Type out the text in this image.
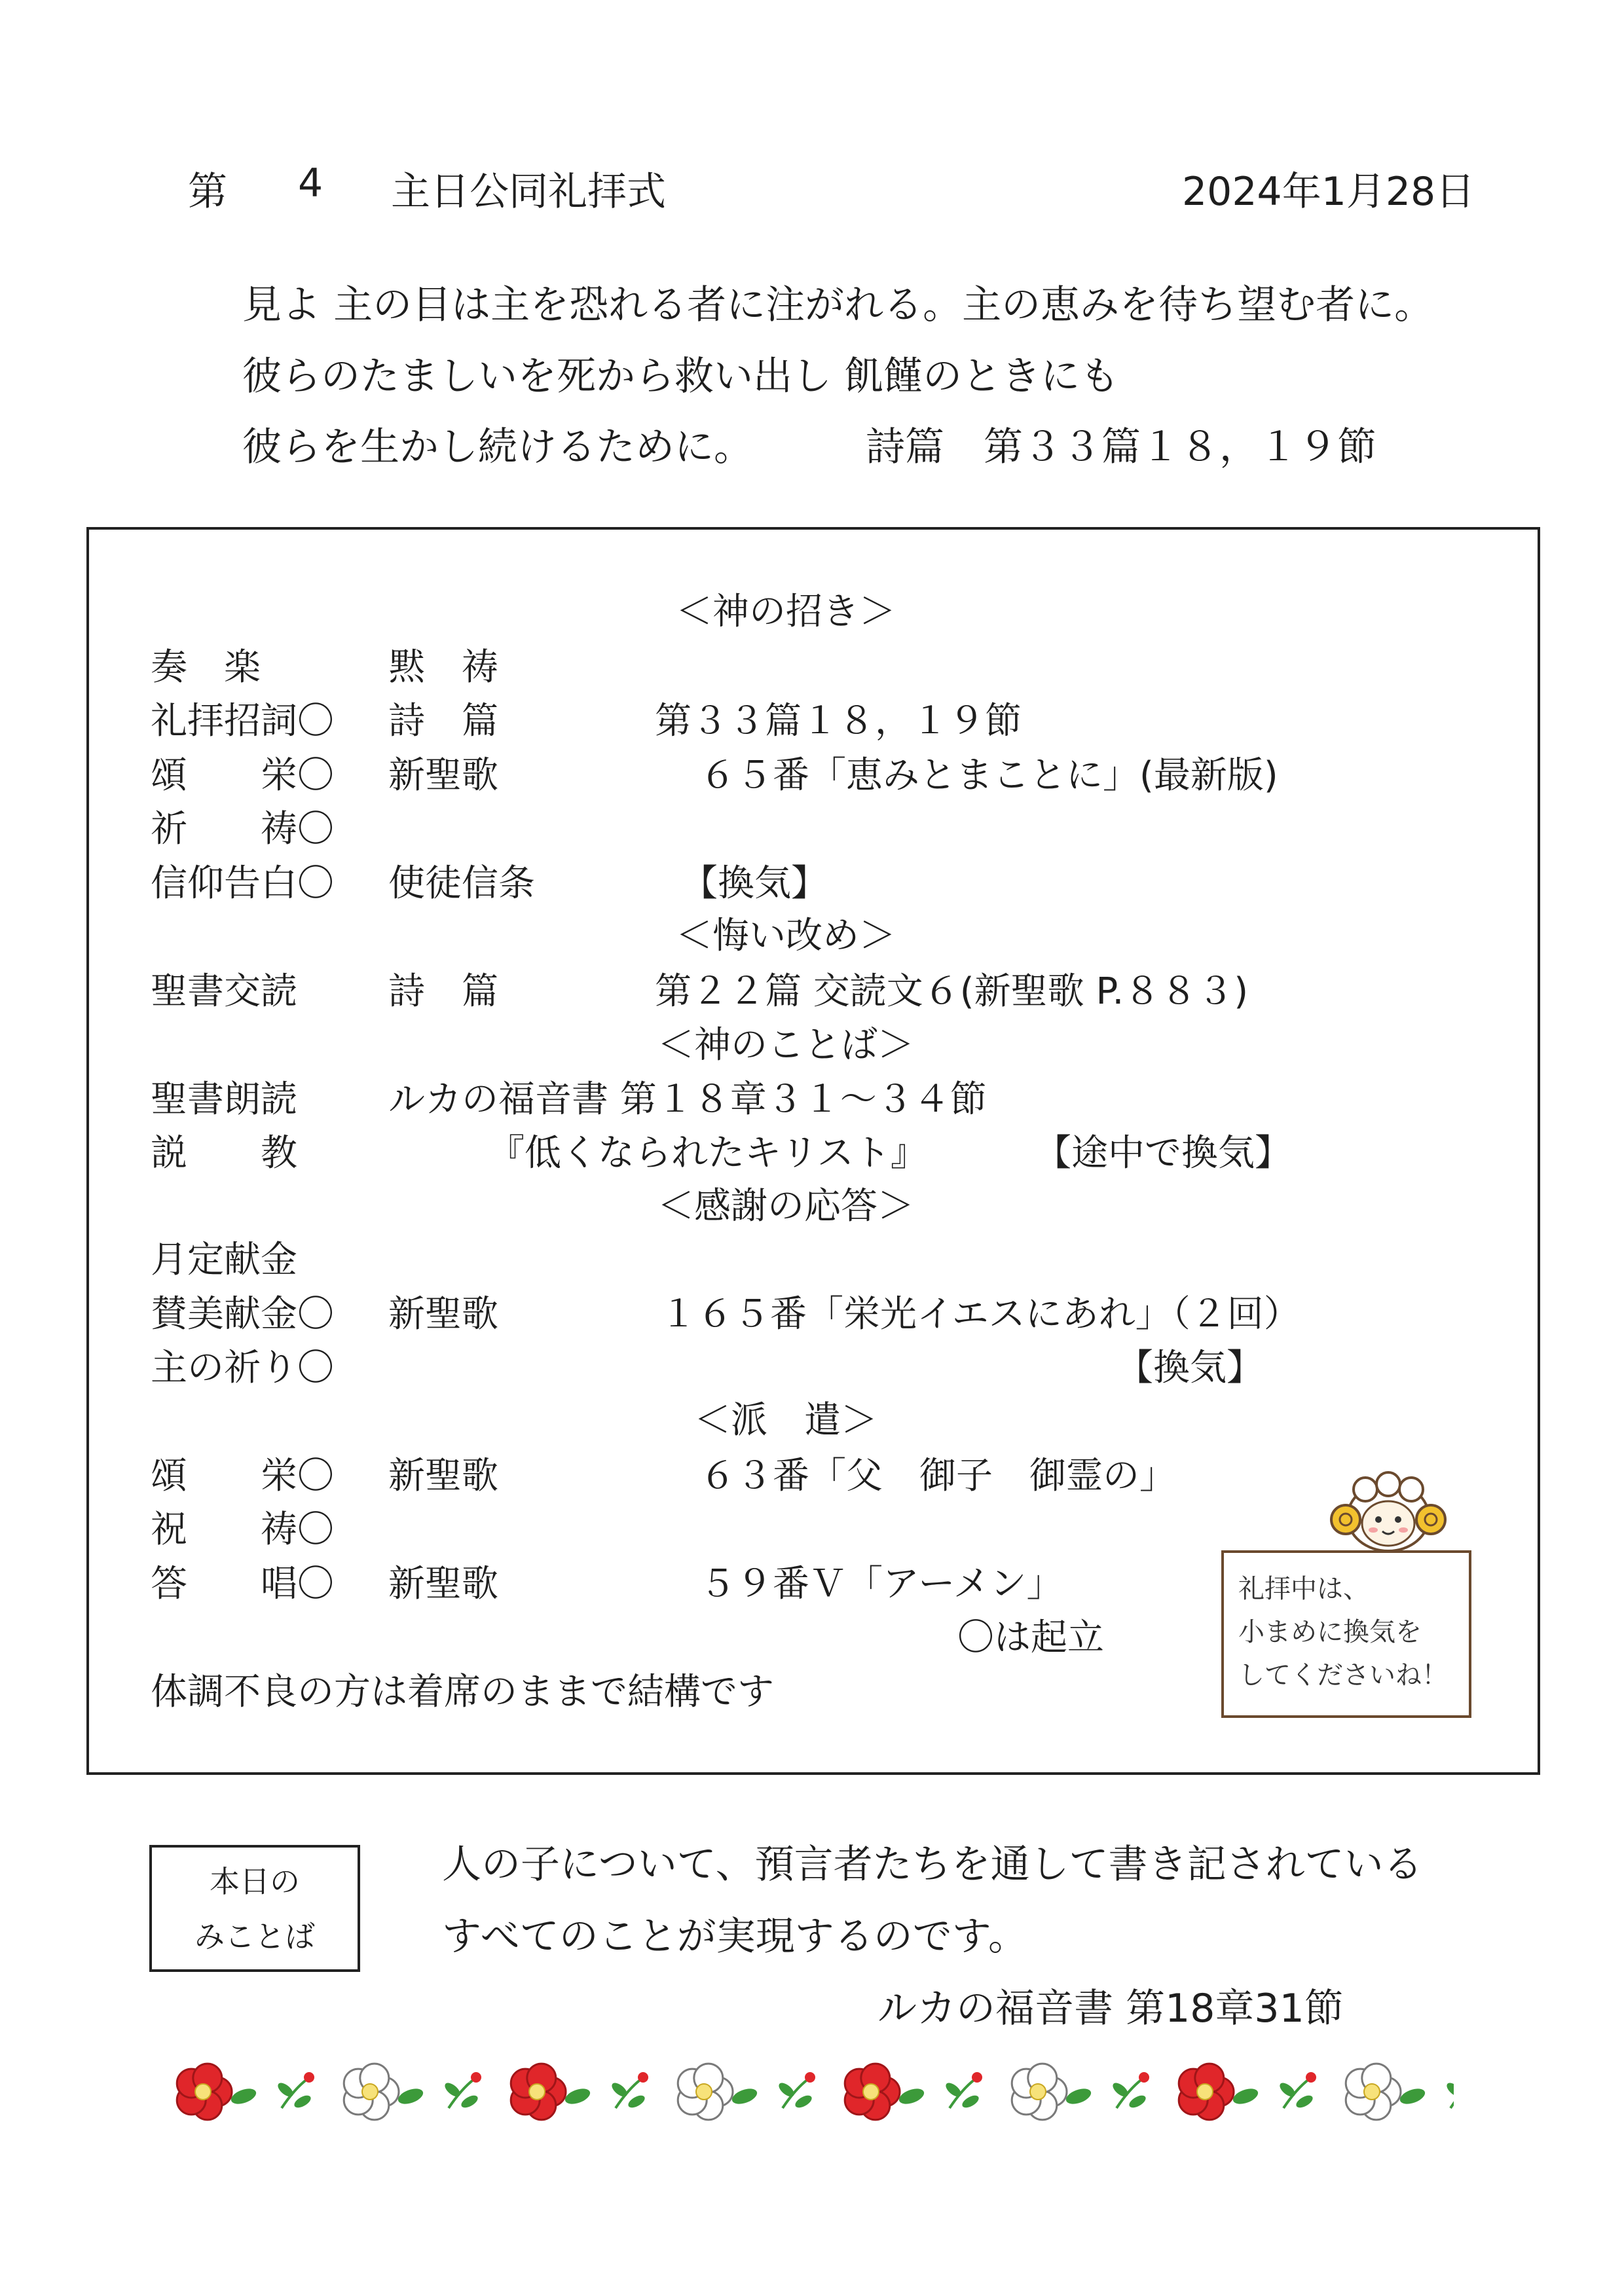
第 4 主日公同礼拝式	2024年1月28日
見よ 主の目は主を恐れる者に注がれる。主の恵みを待ち望む者に。
彼らのたましいを死から救い出し 飢饉のときにも
彼らを生かし続けるために。	詩篇　第３３篇１８，１９節
＜神の招き＞
奏　楽	黙　祷
礼拝招詞〇 詩　篇	第３３篇１８，１９節
頌　　栄〇 新聖歌	６５番「恵みとまことに」(最新版)
祈　　祷〇
信仰告白〇 使徒信条	【換気】
＜悔い改め＞
聖書交読 詩　篇	第２２篇 交読文６(新聖歌 P.８８３)
＜神のことば＞
聖書朗読 ルカの福音書 第１８章３１～３４節
説　　教	『低くなられたキリスト』	【途中で換気】
＜感謝の応答＞
月定献金
賛美献金〇 新聖歌	１６５番「栄光イエスにあれ」（２回）
主の祈り〇	【換気】
＜派　遣＞
頌　　栄〇 新聖歌	６３番「父　御子　御霊の」
祝　　祷〇
答　　唱〇 新聖歌	５９番Ｖ「アーメン」
〇は起立
体調不良の方は着席のままで結構です
礼拝中は、
小まめに換気を
してくださいね！
本日の
みことば
人の子について、預言者たちを通して書き記されている
すべてのことが実現するのです。
ルカの福音書 第18章31節
